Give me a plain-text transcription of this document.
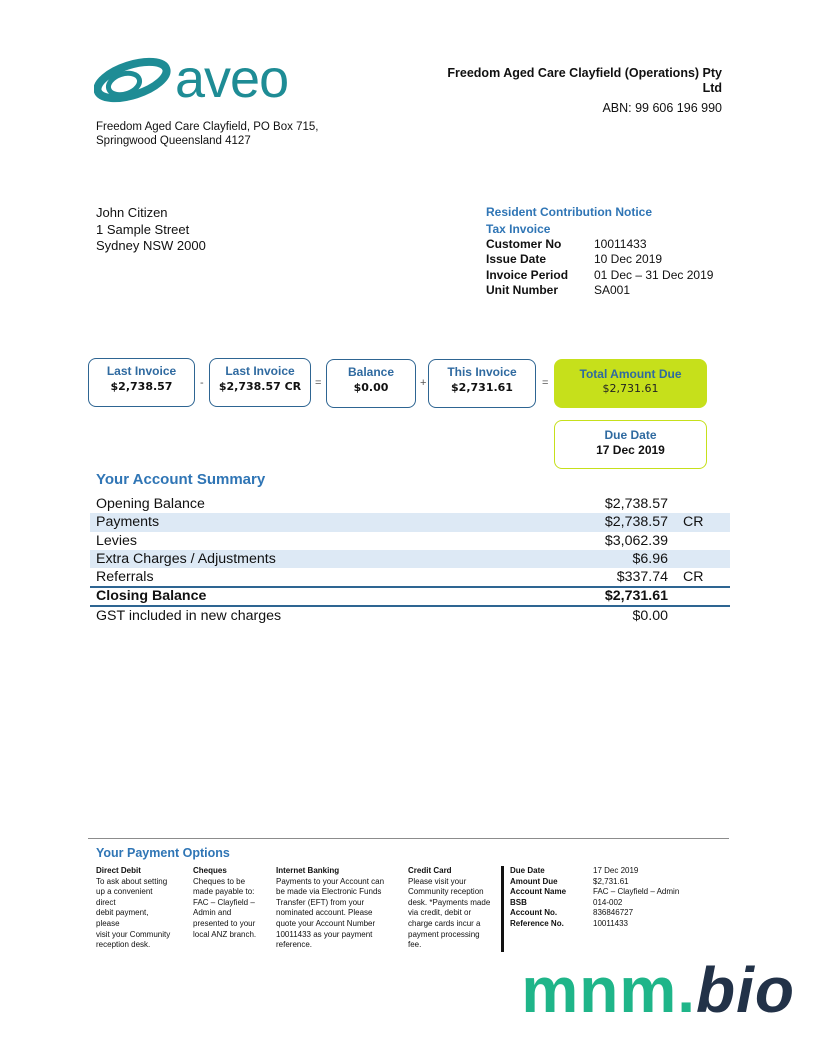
aveo
Freedom Aged Care Clayfield, PO Box 715,
Springwood Queensland 4127
Freedom Aged Care Clayfield (Operations) Pty
Ltd
ABN: 99 606 196 990
John Citizen
1 Sample Street
Sydney NSW 2000
Resident Contribution Notice
Tax Invoice
Customer No	10011433
Issue Date	10 Dec 2019
Invoice Period	01 Dec – 31 Dec 2019
Unit Number	SA001
Last Invoice
$2,738.57	-
Last Invoice
$2,738.57 CR	=
Balance
$0.00	+
This Invoice
$2,731.61	=
Total Amount Due
$2,731.61
Due Date
17 Dec 2019
Your Account Summary
Opening Balance	$2,738.57
Payments	$2,738.57 CR
Levies	$3,062.39
Extra Charges / Adjustments	$6.96
Referrals	$337.74 CR
Closing Balance	$2,731.61
GST included in new charges	$0.00
Your Payment Options
Direct Debit
To ask about setting
up a convenient
direct
debit payment,
please
visit your Community
reception desk.
Cheques
Cheques to be
made payable to:
FAC – Clayfield –
Admin and
presented to your
local ANZ branch.
Internet Banking
Payments to your Account can
be made via Electronic Funds
Transfer (EFT) from your
nominated account. Please
quote your Account Number
10011433 as your payment
reference.
Credit Card
Please visit your
Community reception
desk. *Payments made
via credit, debit or
charge cards incur a
payment processing
fee.
Due Date	17 Dec 2019
Amount Due	$2,731.61
Account Name	FAC – Clayfield – Admin
BSB	014-002
Account No.	836846727
Reference No.	10011433
mnm.bio
